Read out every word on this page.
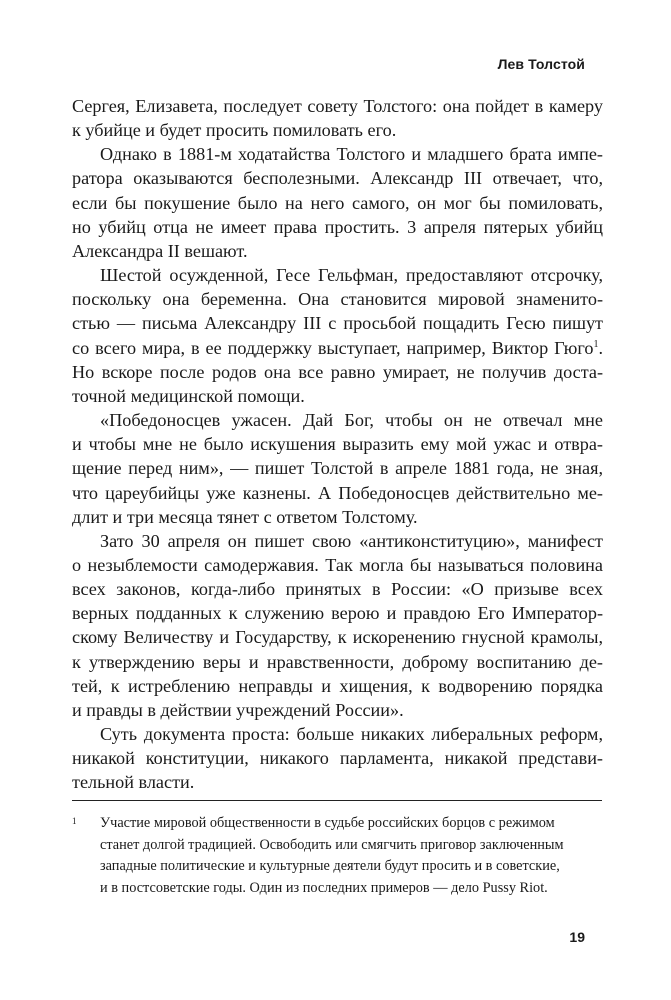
Лев Толстой
Сергея, Елизавета, последует совету Толстого: она пойдет в камеру
к убийце и будет просить помиловать его.
Однако в 1881-м ходатайства Толстого и младшего брата импе-
ратора оказываются бесполезными. Александр III отвечает, что,
если бы покушение было на него самого, он мог бы помиловать,
но убийц отца не имеет права простить. 3 апреля пятерых убийц
Александра II вешают.
Шестой осужденной, Гесе Гельфман, предоставляют отсрочку,
поскольку она беременна. Она становится мировой знаменито-
стью — письма Александру III с просьбой пощадить Гесю пишут
со всего мира, в ее поддержку выступает, например, Виктор Гюго$^1$.
Но вскоре после родов она все равно умирает, не получив доста-
точной медицинской помощи.
«Победоносцев ужасен. Дай Бог, чтобы он не отвечал мне
и чтобы мне не было искушения выразить ему мой ужас и отвра-
щение перед ним», — пишет Толстой в апреле 1881 года, не зная,
что цареубийцы уже казнены. А Победоносцев действительно ме-
длит и три месяца тянет с ответом Толстому.
Зато 30 апреля он пишет свою «антиконституцию», манифест
о незыблемости самодержавия. Так могла бы называться половина
всех законов, когда-либо принятых в России: «О призыве всех
верных подданных к служению верою и правдою Его Император-
скому Величеству и Государству, к искоренению гнусной крамолы,
к утверждению веры и нравственности, доброму воспитанию де-
тей, к истреблению неправды и хищения, к водворению порядка
и правды в действии учреждений России».
Суть документа проста: больше никаких либеральных реформ,
никакой конституции, никакого парламента, никакой представи-
тельной власти.
1 Участие мировой общественности в судьбе российских борцов с режимом
станет долгой традицией. Освободить или смягчить приговор заключенным
западные политические и культурные деятели будут просить и в советские,
и в постсоветские годы. Один из последних примеров — дело Pussy Riot.
19
